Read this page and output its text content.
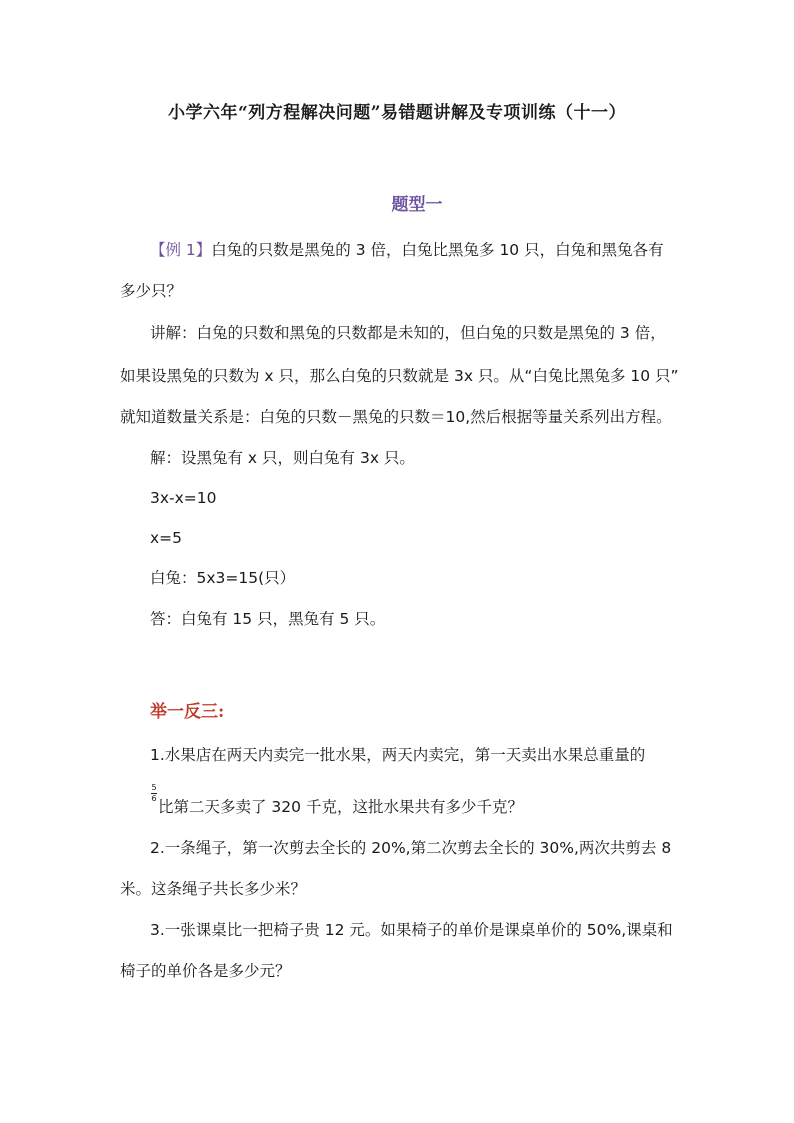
小学六年“列方程解决问题”易错题讲解及专项训练（十一）
题型一
【例 1】白兔的只数是黑兔的 3 倍，白兔比黑兔多 10 只，白兔和黑兔各有
多少只？
讲解：白兔的只数和黑兔的只数都是未知的，但白兔的只数是黑兔的 3 倍，
如果设黑兔的只数为 x 只，那么白兔的只数就是 3x 只。从“白兔比黑兔多 10 只”
就知道数量关系是：白兔的只数－黑兔的只数＝10,然后根据等量关系列出方程。
解：设黑兔有 x 只，则白兔有 3x 只。
3x-x=10
x=5
白兔：5x3=15(只）
答：白兔有 15 只，黑兔有 5 只。
举一反三:
1.水果店在两天内卖完一批水果，两天内卖完，第一天卖出水果总重量的
5
6 比第二天多卖了 320 千克，这批水果共有多少千克？
2.一条绳子，第一次剪去全长的 20%,第二次剪去全长的 30%,两次共剪去 8
米。这条绳子共长多少米？
3.一张课桌比一把椅子贵 12 元。如果椅子的单价是课桌单价的 50%,课桌和
椅子的单价各是多少元？
